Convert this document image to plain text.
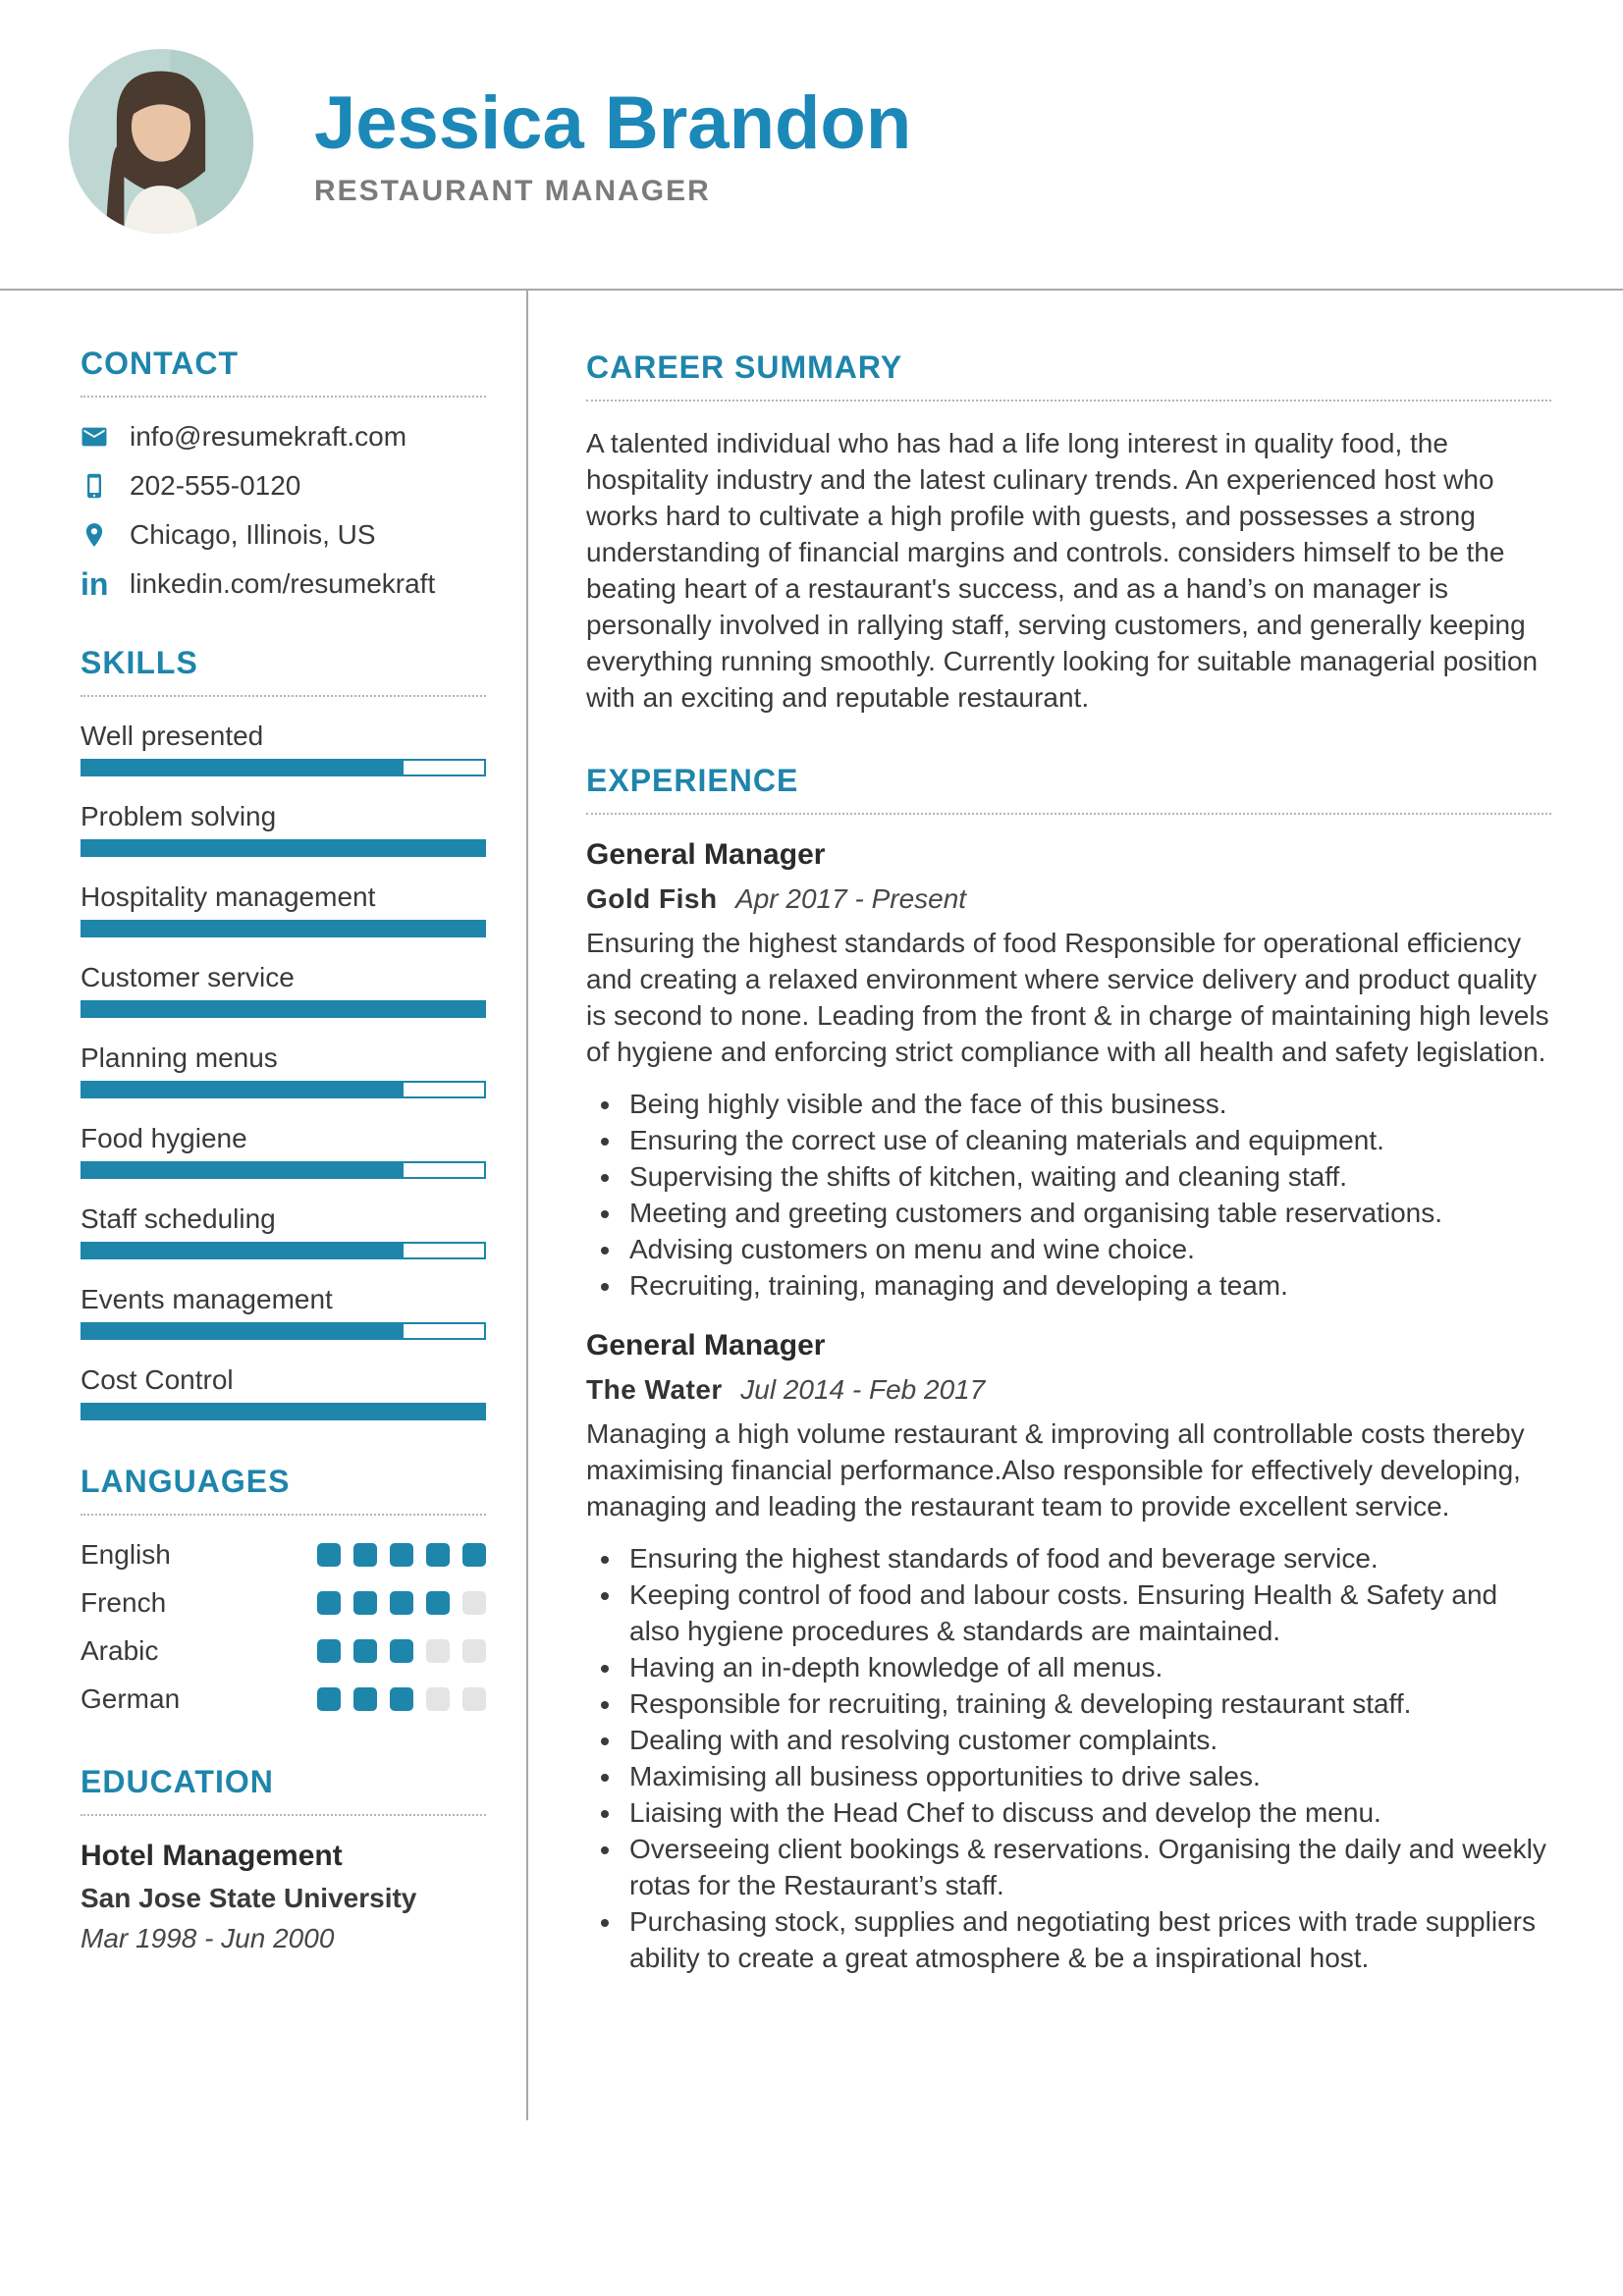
Jessica Brandon
RESTAURANT MANAGER
CONTACT
info@resumekraft.com
202-555-0120
Chicago, Illinois, US
in linkedin.com/resumekraft
SKILLS
Well presented
Problem solving
Hospitality management
Customer service
Planning menus
Food hygiene
Staff scheduling
Events management
Cost Control
LANGUAGES
English
French
Arabic
German
EDUCATION
Hotel Management
San Jose State University
Mar 1998 - Jun 2000
CAREER SUMMARY

A talented individual who has had a life long interest in quality food, the hospitality industry and the latest culinary trends. An experienced host who works hard to cultivate a high profile with guests, and possesses a strong understanding of financial margins and controls. considers himself to be the beating heart of a restaurant's success, and as a hand’s on manager is personally involved in rallying staff, serving customers, and generally keeping everything running smoothly. Currently looking for suitable managerial position with an exciting and reputable restaurant.

EXPERIENCE
General Manager
Gold Fish Apr 2017 - Present

Ensuring the highest standards of food Responsible for operational efficiency and creating a relaxed environment where service delivery and product quality is second to none. Leading from the front & in charge of maintaining high levels of hygiene and enforcing strict compliance with all health and safety legislation.

• Being highly visible and the face of this business.
• Ensuring the correct use of cleaning materials and equipment.
• Supervising the shifts of kitchen, waiting and cleaning staff.
• Meeting and greeting customers and organising table reservations.
• Advising customers on menu and wine choice.
• Recruiting, training, managing and developing a team.
General Manager
The Water Jul 2014 - Feb 2017

Managing a high volume restaurant & improving all controllable costs thereby maximising financial performance.Also responsible for effectively developing, managing and leading the restaurant team to provide excellent service.

• Ensuring the highest standards of food and beverage service.
• Keeping control of food and labour costs. Ensuring Health & Safety and also hygiene procedures & standards are maintained.
• Having an in-depth knowledge of all menus.
• Responsible for recruiting, training & developing restaurant staff.
• Dealing with and resolving customer complaints.
• Maximising all business opportunities to drive sales.
• Liaising with the Head Chef to discuss and develop the menu.
• Overseeing client bookings & reservations. Organising the daily and weekly rotas for the Restaurant’s staff.
• Purchasing stock, supplies and negotiating best prices with trade suppliers ability to create a great atmosphere & be a inspirational host.
